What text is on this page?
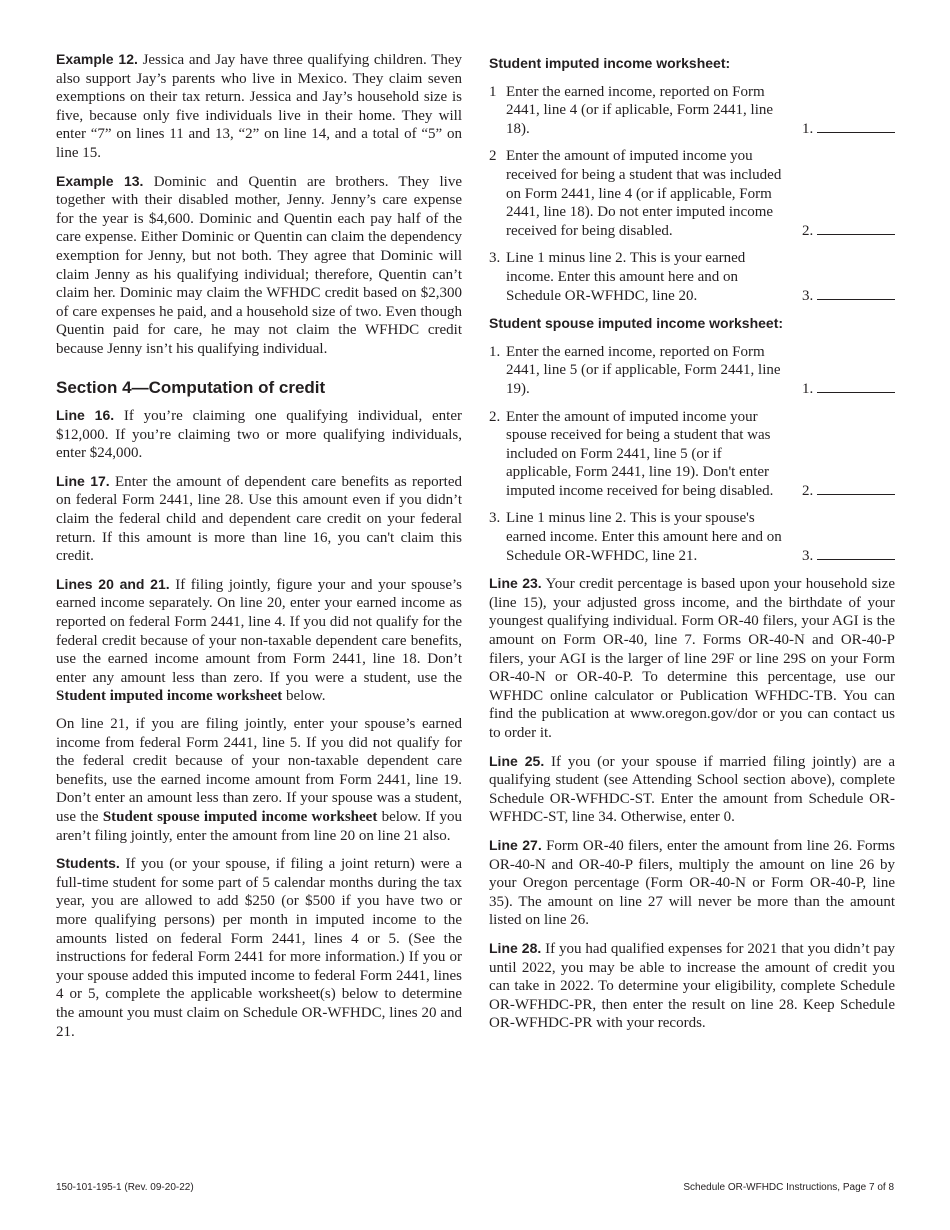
Example 12. Jessica and Jay have three qualifying children. They also support Jay’s parents who live in Mexico. They claim seven exemptions on their tax return. Jessica and Jay’s household size is five, because only five individuals live in their home. They will enter “7” on lines 11 and 13, “2” on line 14, and a total of “5” on line 15.

Example 13. Dominic and Quentin are brothers. They live together with their disabled mother, Jenny. Jenny’s care expense for the year is $4,600. Dominic and Quentin each pay half of the care expense. Either Dominic or Quentin can claim the dependency exemption for Jenny, but not both. They agree that Dominic will claim Jenny as his qualifying individual; therefore, Quentin can’t claim her. Dominic may claim the WFHDC credit based on $2,300 of care expenses he paid, and a household size of two. Even though Quentin paid for care, he may not claim the WFHDC credit because Jenny isn’t his qualifying individual.

Section 4—Computation of credit

Line 16. If you’re claiming one qualifying individual, enter $12,000. If you’re claiming two or more qualifying individuals, enter $24,000.

Line 17. Enter the amount of dependent care benefits as reported on federal Form 2441, line 28. Use this amount even if you didn’t claim the federal child and dependent care credit on your federal return. If this amount is more than line 16, you can't claim this credit.

Lines 20 and 21. If filing jointly, figure your and your spouse’s earned income separately. On line 20, enter your earned income as reported on federal Form 2441, line 4. If you did not qualify for the federal credit because of your non-taxable dependent care benefits, use the earned income amount from Form 2441, line 18. Don’t enter any amount less than zero. If you were a student, use the Student imputed income worksheet below.

On line 21, if you are filing jointly, enter your spouse’s earned income from federal Form 2441, line 5. If you did not qualify for the federal credit because of your non-taxable dependent care benefits, use the earned income amount from Form 2441, line 19. Don’t enter an amount less than zero. If your spouse was a student, use the Student spouse imputed income worksheet below. If you aren’t filing jointly, enter the amount from line 20 on line 21 also.

Students. If you (or your spouse, if filing a joint return) were a full-time student for some part of 5 calendar months during the tax year, you are allowed to add $250 (or $500 if you have two or more qualifying persons) per month in imputed income to the amounts listed on federal Form 2441, lines 4 or 5. (See the instructions for federal Form 2441 for more information.) If you or your spouse added this imputed income to federal Form 2441, lines 4 or 5, complete the applicable worksheet(s) below to determine the amount you must claim on Schedule OR-WFHDC, lines 20 and 21.

Student imputed income worksheet:
1 Enter the earned income, reported on Form 2441, line 4 (or if aplicable, Form 2441, line 18).	1.
2 Enter the amount of imputed income you received for being a student that was included on Form 2441, line 4 (or if applicable, Form 2441, line 18). Do not enter imputed income received for being disabled.	2.
3. Line 1 minus line 2. This is your earned income. Enter this amount here and on Schedule OR-WFHDC, line 20.	3.
Student spouse imputed income worksheet:
1. Enter the earned income, reported on Form 2441, line 5 (or if applicable, Form 2441, line 19).	1.
2. Enter the amount of imputed income your spouse received for being a student that was included on Form 2441, line 5 (or if applicable, Form 2441, line 19). Don't enter imputed income received for being disabled.	2.
3. Line 1 minus line 2. This is your spouse's earned income. Enter this amount here and on Schedule OR-WFHDC, line 21.	3.

Line 23. Your credit percentage is based upon your household size (line 15), your adjusted gross income, and the birthdate of your youngest qualifying individual. Form OR-40 filers, your AGI is the amount on Form OR-40, line 7. Forms OR-40-N and OR-40-P filers, your AGI is the larger of line 29F or line 29S on your Form OR-40-N or OR-40-P. To determine this percentage, use our WFHDC online calculator or Publication WFHDC-TB. You can find the publication at www.oregon.gov/dor or you can contact us to order it.

Line 25. If you (or your spouse if married filing jointly) are a qualifying student (see Attending School section above), complete Schedule OR-WFHDC-ST. Enter the amount from Schedule OR-WFHDC-ST, line 34. Otherwise, enter 0.

Line 27. Form OR-40 filers, enter the amount from line 26. Forms OR-40-N and OR-40-P filers, multiply the amount on line 26 by your Oregon percentage (Form OR-40-N or Form OR-40-P, line 35). The amount on line 27 will never be more than the amount listed on line 26.

Line 28. If you had qualified expenses for 2021 that you didn’t pay until 2022, you may be able to increase the amount of credit you can take in 2022. To determine your eligibility, complete Schedule OR-WFHDC-PR, then enter the result on line 28. Keep Schedule OR-WFHDC-PR with your records.

150-101-195-1 (Rev. 09-20-22)	Schedule OR-WFHDC Instructions, Page 7 of 8
